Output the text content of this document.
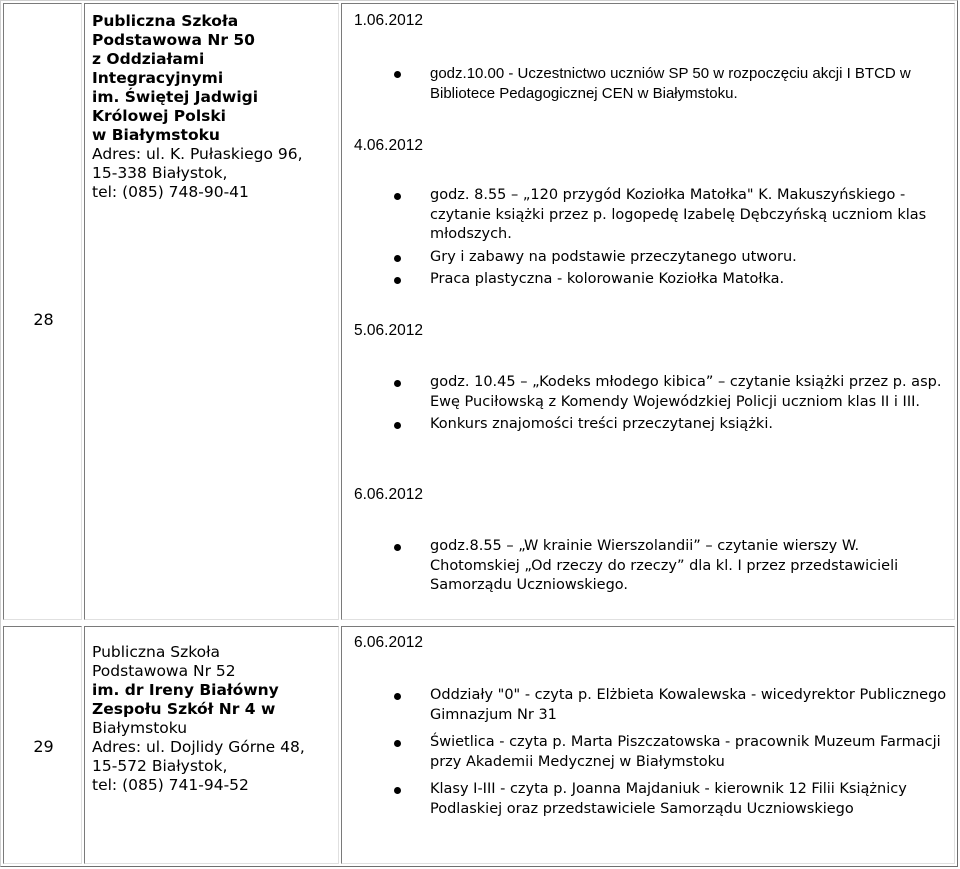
28
Publiczna Szkoła
Podstawowa Nr 50
z Oddziałami
Integracyjnymi
im. Świętej Jadwigi
Królowej Polski
w Białymstoku
Adres: ul. K. Pułaskiego 96,
15-338 Białystok,
tel: (085) 748-90-41
1.06.2012
godz.10.00 - Uczestnictwo uczniów SP 50 w rozpoczęciu akcji I BTCD w Bibliotece Pedagogicznej CEN w Białymstoku.
4.06.2012
godz. 8.55 – „120 przygód Koziołka Matołka" K. Makuszyńskiego - czytanie książki przez p. logopedę Izabelę Dębczyńską uczniom klas młodszych.
Gry i zabawy na podstawie przeczytanego utworu.
Praca plastyczna - kolorowanie Koziołka Matołka.
5.06.2012
godz. 10.45 – „Kodeks młodego kibica” – czytanie książki przez p. asp. Ewę Puciłowską z Komendy Wojewódzkiej Policji uczniom klas II i III.
Konkurs znajomości treści przeczytanej książki.
6.06.2012
godz.8.55 – „W krainie Wierszolandii” – czytanie wierszy W. Chotomskiej „Od rzeczy do rzeczy” dla kl. I przez przedstawicieli Samorządu Uczniowskiego.
29
Publiczna Szkoła
Podstawowa Nr 52
im. dr Ireny Białówny
Zespołu Szkół Nr 4 w
Białymstoku
Adres: ul. Dojlidy Górne 48,
15-572 Białystok,
tel: (085) 741-94-52
6.06.2012
Oddziały "0" - czyta p. Elżbieta Kowalewska - wicedyrektor Publicznego Gimnazjum Nr 31
Świetlica - czyta p. Marta Piszczatowska - pracownik Muzeum Farmacji przy Akademii Medycznej w Białymstoku
Klasy I-III - czyta p. Joanna Majdaniuk - kierownik 12 Filii Książnicy Podlaskiej oraz przedstawiciele Samorządu Uczniowskiego
